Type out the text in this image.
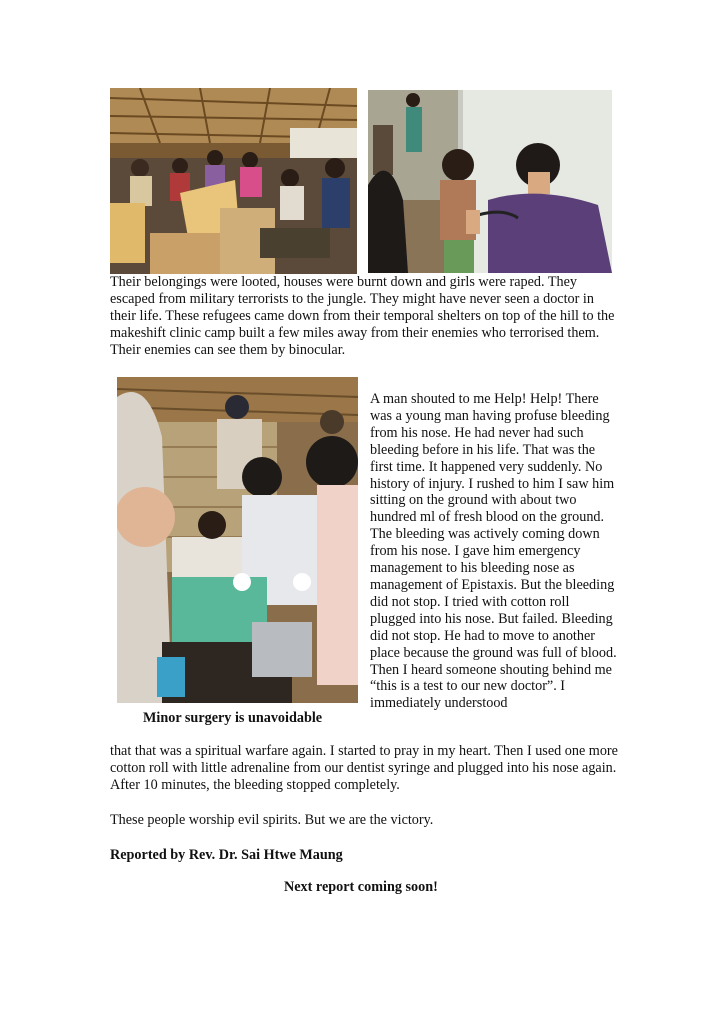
Their belongings were looted, houses were burnt down and girls were raped. They escaped from military terrorists to the jungle. They might have never seen a doctor in their life. These refugees came down from their temporal shelters on top of the hill to the makeshift clinic camp built a few miles away from their enemies who terrorised them. Their enemies can see them by binocular.

A man shouted to me Help! Help! There was a young man having profuse bleeding from his nose. He had never had such bleeding before in his life. That was the first time. It happened very suddenly. No history of injury. I rushed to him I saw him sitting on the ground with about two hundred ml of fresh blood on the ground. The bleeding was actively coming down from his nose. I gave him emergency management to his bleeding nose as management of Epistaxis. But the bleeding did not stop. I tried with cotton roll plugged into his nose. But failed. Bleeding did not stop. He had to move to another place because the ground was full of blood. Then I heard someone shouting behind me “this is a test to our new doctor”. I immediately understood

Minor surgery is unavoidable

that that was a spiritual warfare again. I started to pray in my heart. Then I used one more cotton roll with little adrenaline from our dentist syringe and plugged into his nose again. After 10 minutes, the bleeding stopped completely.

These people worship evil spirits. But we are the victory.

Reported by Rev. Dr. Sai Htwe Maung

Next report coming soon!
